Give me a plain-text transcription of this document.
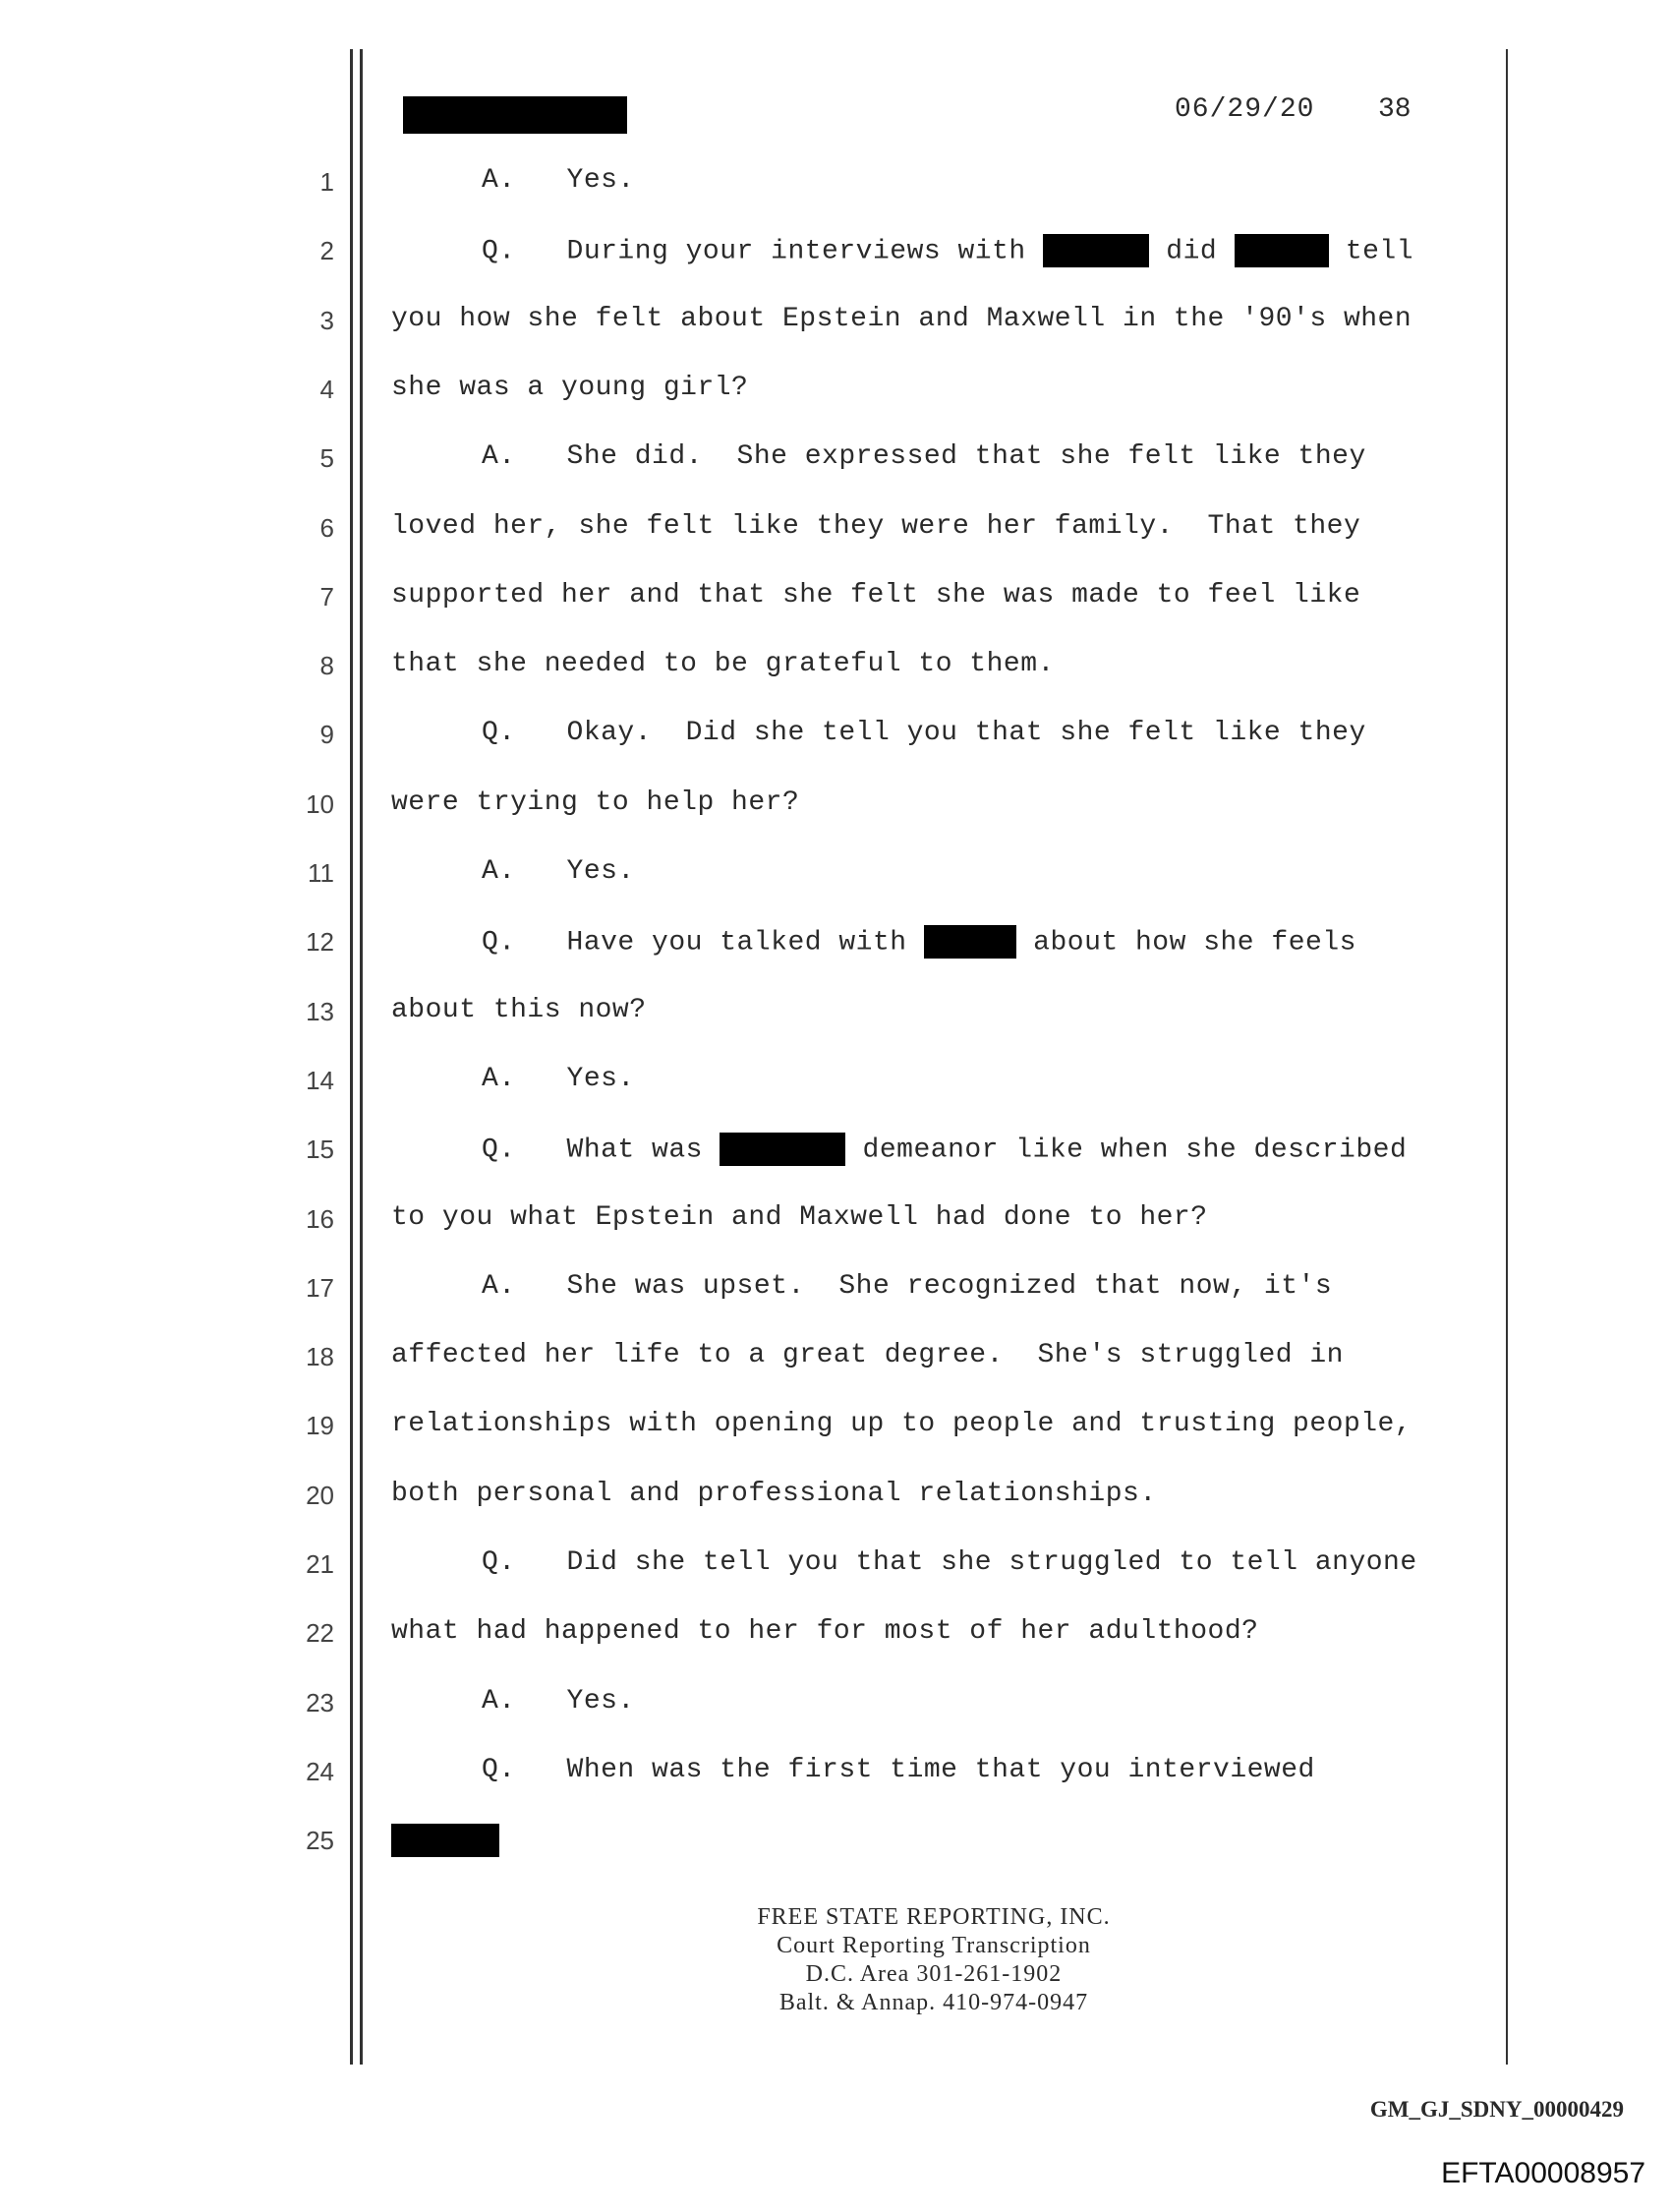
06/29/20 38
1	A.   Yes.
2	Q.   During your interviews with	did	tell
3 you how she felt about Epstein and Maxwell in the '90's when
4 she was a young girl?
5	A.   She did.  She expressed that she felt like they
6 loved her, she felt like they were her family.  That they
7 supported her and that she felt she was made to feel like
8 that she needed to be grateful to them.
9	Q.   Okay.  Did she tell you that she felt like they
10 were trying to help her?
11	A.   Yes.
12	Q.   Have you talked with	about how she feels
13 about this now?
14	A.   Yes.
15	Q.   What was	demeanor like when she described
16 to you what Epstein and Maxwell had done to her?
17	A.   She was upset.  She recognized that now, it's
18 affected her life to a great degree.  She's struggled in
19 relationships with opening up to people and trusting people,
20 both personal and professional relationships.
21	Q.   Did she tell you that she struggled to tell anyone
22 what had happened to her for most of her adulthood?
23	A.   Yes.
24	Q.   When was the first time that you interviewed
25
FREE STATE REPORTING, INC.
Court Reporting Transcription
D.C. Area 301-261-1902
Balt. & Annap. 410-974-0947
GM_GJ_SDNY_00000429
EFTA00008957
